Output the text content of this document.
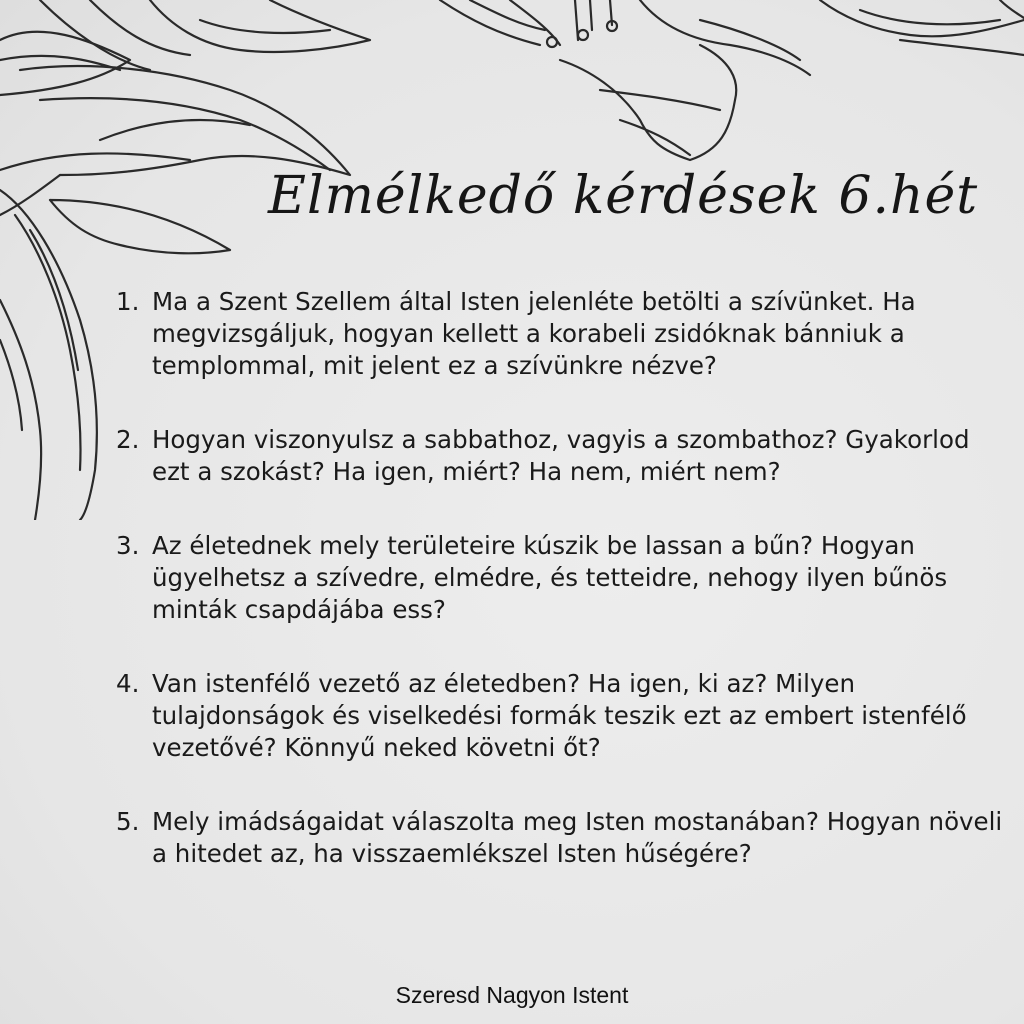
Elmélkedő kérdések 6.hét
1. Ma a Szent Szellem által Isten jelenléte betölti a szívünket. Ha megvizsgáljuk, hogyan kellett a korabeli zsidóknak bánniuk a templommal, mit jelent ez a szívünkre nézve?
2. Hogyan viszonyulsz a sabbathoz, vagyis a szombathoz? Gyakorlod ezt a szokást? Ha igen, miért? Ha nem, miért nem?
3. Az életednek mely területeire kúszik be lassan a bűn? Hogyan ügyelhetsz a szívedre, elmédre, és tetteidre, nehogy ilyen bűnös minták csapdájába ess?
4. Van istenfélő vezető az életedben? Ha igen, ki az? Milyen tulajdonságok és viselkedési formák teszik ezt az embert istenfélő vezetővé? Könnyű neked követni őt?
5. Mely imádságaidat válaszolta meg Isten mostanában? Hogyan növeli a hitedet az, ha visszaemlékszel Isten hűségére?
Szeresd Nagyon Istent
